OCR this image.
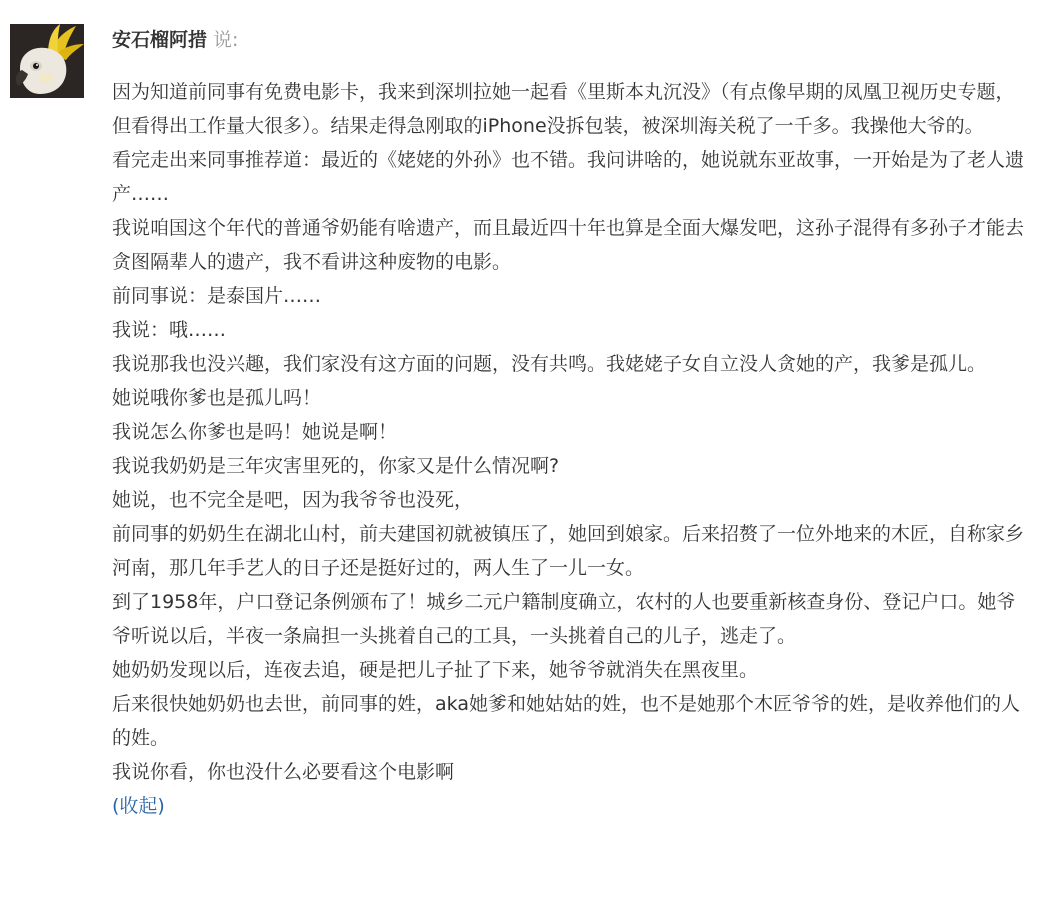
安石榴阿措 说:

因为知道前同事有免费电影卡，我来到深圳拉她一起看《里斯本丸沉没》（有点像早期的凤凰卫视历史专题，但看得出工作量大很多）。结果走得急刚取的iPhone没拆包装，被深圳海关税了一千多。我操他大爷的。

看完走出来同事推荐道：最近的《姥姥的外孙》也不错。我问讲啥的，她说就东亚故事，一开始是为了老人遗产……

我说咱国这个年代的普通爷奶能有啥遗产，而且最近四十年也算是全面大爆发吧，这孙子混得有多孙子才能去贪图隔辈人的遗产，我不看讲这种废物的电影。

前同事说：是泰国片……

我说：哦……

我说那我也没兴趣，我们家没有这方面的问题，没有共鸣。我姥姥子女自立没人贪她的产，我爹是孤儿。

她说哦你爹也是孤儿吗！

我说怎么你爹也是吗！她说是啊！

我说我奶奶是三年灾害里死的，你家又是什么情况啊?

她说，也不完全是吧，因为我爷爷也没死，

前同事的奶奶生在湖北山村，前夫建国初就被镇压了，她回到娘家。后来招赘了一位外地来的木匠，自称家乡河南，那几年手艺人的日子还是挺好过的，两人生了一儿一女。

到了1958年，户口登记条例颁布了！城乡二元户籍制度确立，农村的人也要重新核查身份、登记户口。她爷爷听说以后，半夜一条扁担一头挑着自己的工具，一头挑着自己的儿子，逃走了。

她奶奶发现以后，连夜去追，硬是把儿子扯了下来，她爷爷就消失在黑夜里。

后来很快她奶奶也去世，前同事的姓，aka她爹和她姑姑的姓，也不是她那个木匠爷爷的姓，是收养他们的人的姓。

我说你看，你也没什么必要看这个电影啊

(收起)
